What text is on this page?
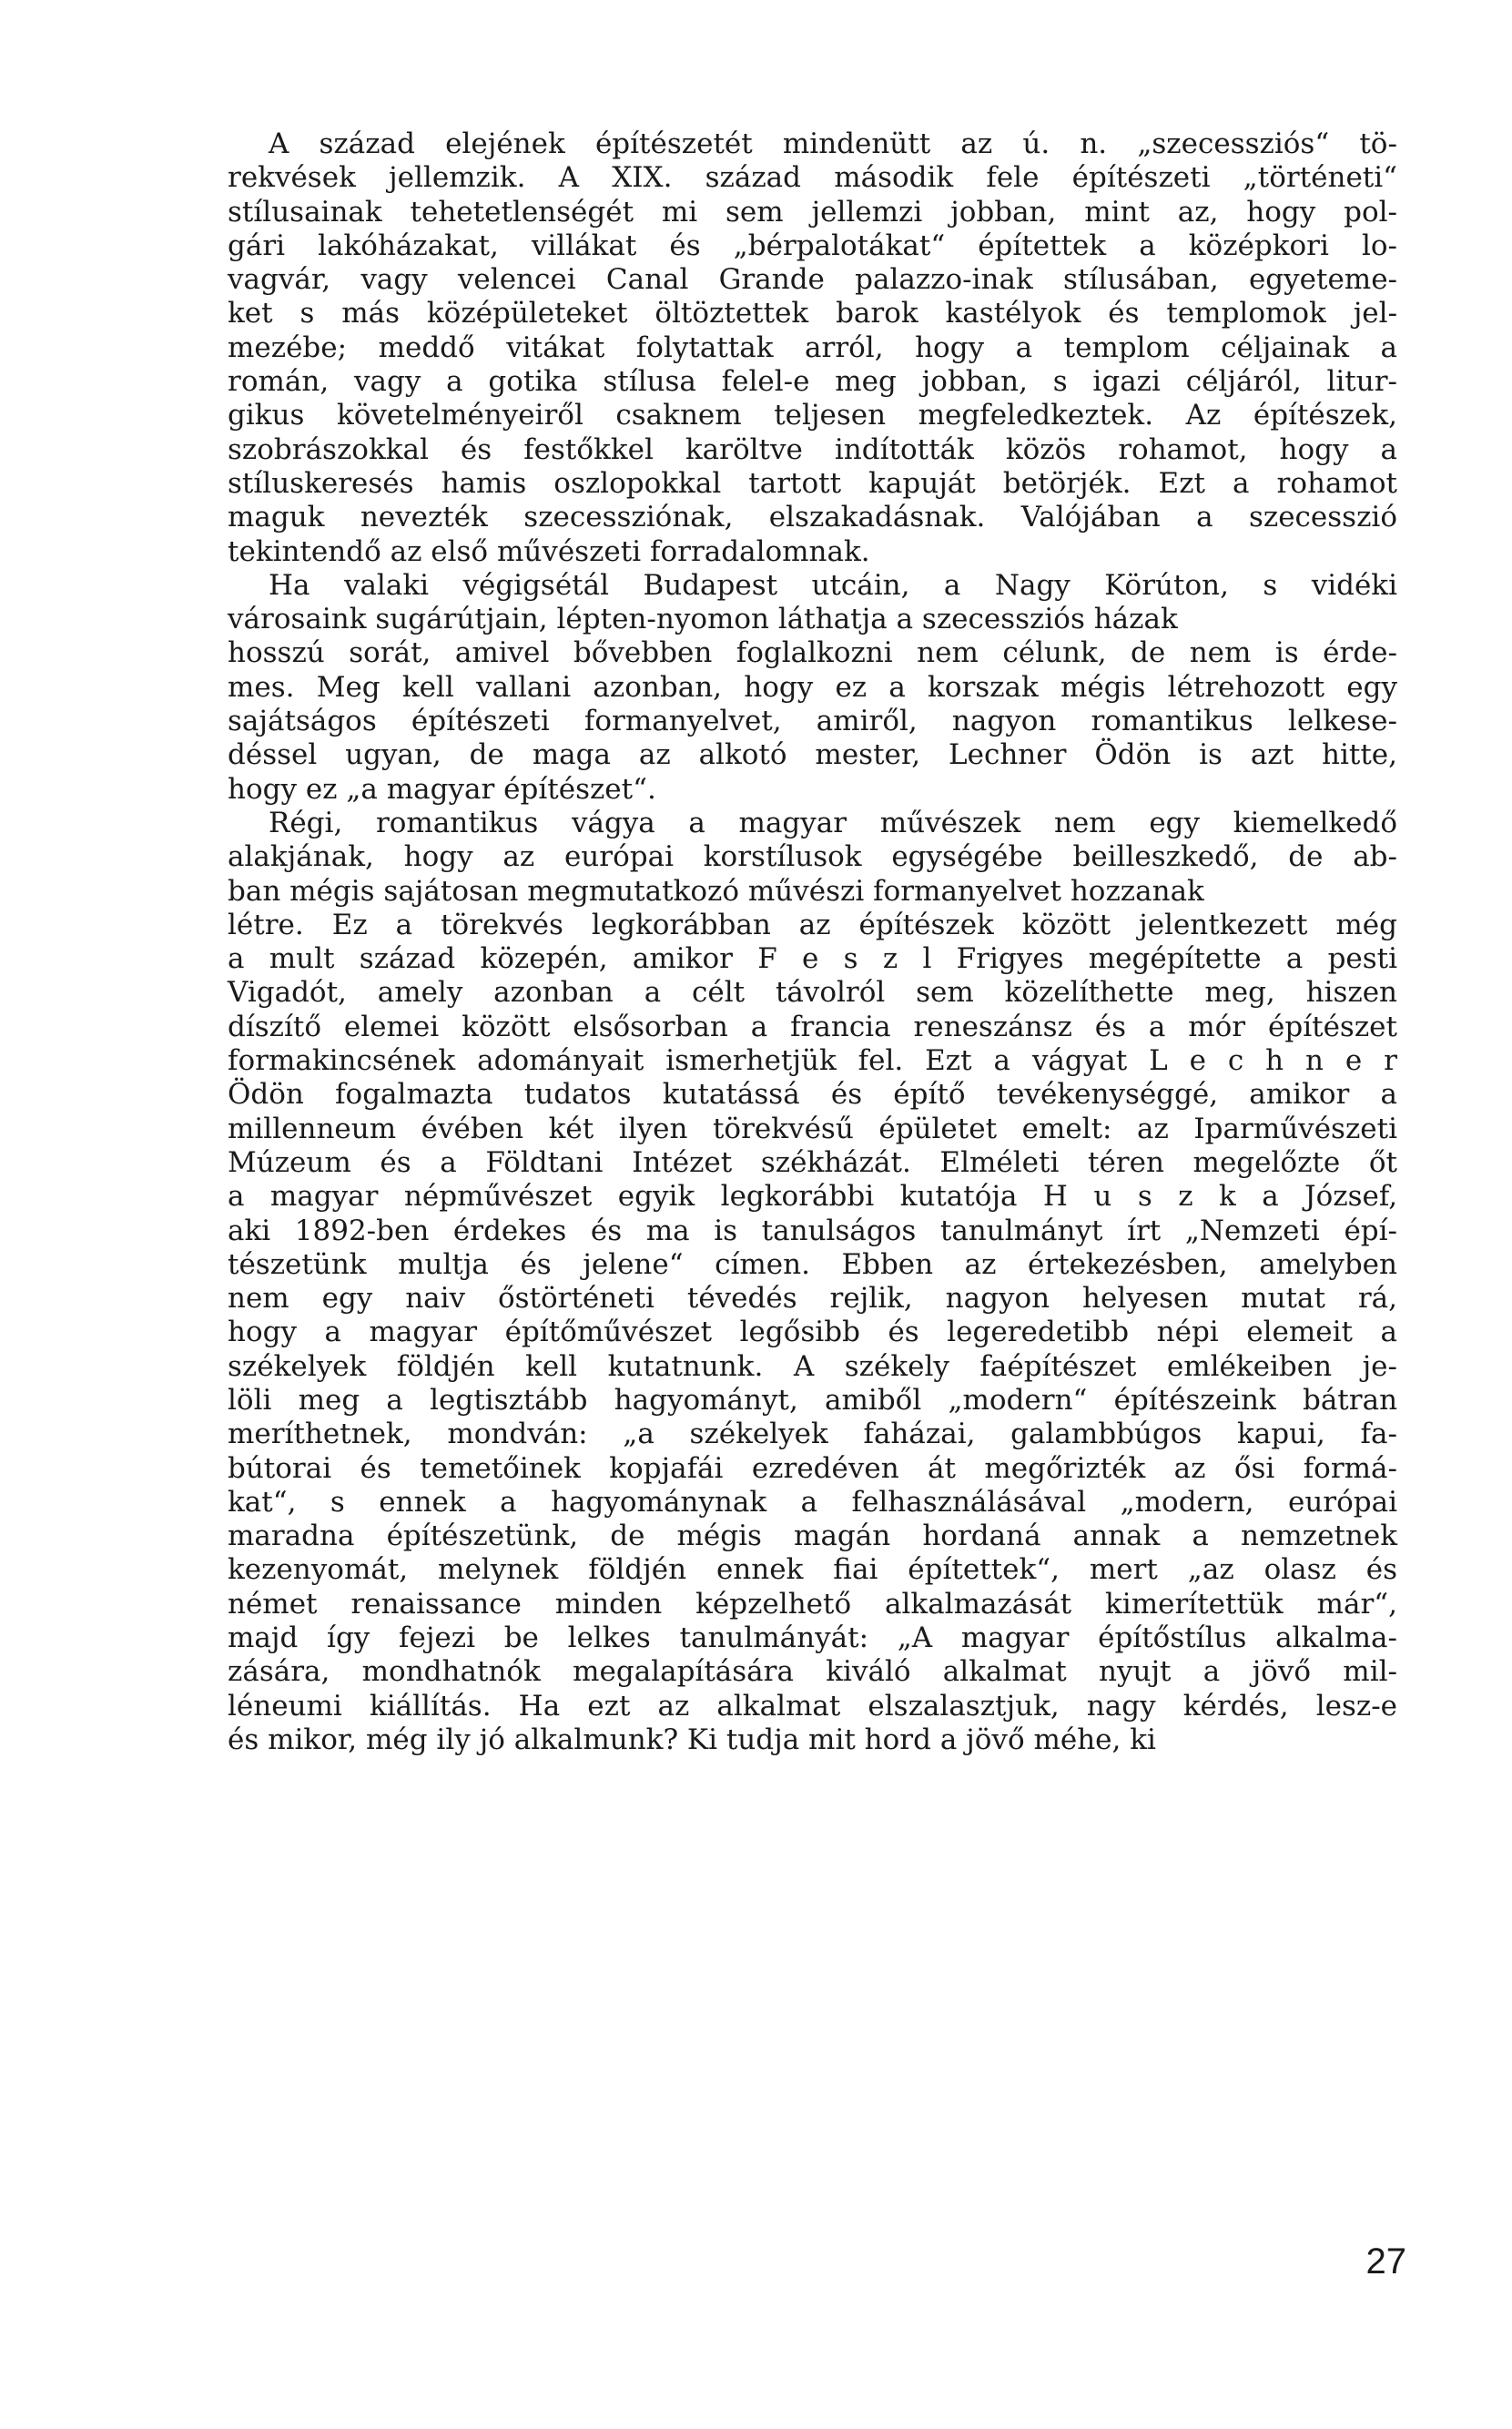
A század elejének építészetét mindenütt az ú. n. „szecessziós“ tö-
rekvések jellemzik. A XIX. század második fele építészeti „történeti“
stílusainak tehetetlenségét mi sem jellemzi jobban, mint az, hogy pol-
gári lakóházakat, villákat és „bérpalotákat“ építettek a középkori lo-
vagvár, vagy velencei Canal Grande palazzo-inak stílusában, egyeteme-
ket s más középületeket öltöztettek barok kastélyok és templomok jel-
mezébe; meddő vitákat folytattak arról, hogy a templom céljainak a
román, vagy a gotika stílusa felel-e meg jobban, s igazi céljáról, litur-
gikus követelményeiről csaknem teljesen megfeledkeztek. Az építészek,
szobrászokkal és festőkkel karöltve indították közös rohamot, hogy a
stíluskeresés hamis oszlopokkal tartott kapuját betörjék. Ezt a rohamot
maguk nevezték szecessziónak, elszakadásnak. Valójában a szecesszió
tekintendő az első művészeti forradalomnak.
Ha valaki végigsétál Budapest utcáin, a Nagy Körúton, s vidéki
városaink sugárútjain, lépten-nyomon láthatja a szecessziós házak
hosszú sorát, amivel bővebben foglalkozni nem célunk, de nem is érde-
mes. Meg kell vallani azonban, hogy ez a korszak mégis létrehozott egy
sajátságos építészeti formanyelvet, amiről, nagyon romantikus lelkese-
déssel ugyan, de maga az alkotó mester, Lechner Ödön is azt hitte,
hogy ez „a magyar építészet“.
Régi, romantikus vágya a magyar művészek nem egy kiemelkedő
alakjának, hogy az európai korstílusok egységébe beilleszkedő, de ab-
ban mégis sajátosan megmutatkozó művészi formanyelvet hozzanak
létre. Ez a törekvés legkorábban az építészek között jelentkezett még
a mult század közepén, amikor F e s z l Frigyes megépítette a pesti
Vigadót, amely azonban a célt távolról sem közelíthette meg, hiszen
díszítő elemei között elsősorban a francia reneszánsz és a mór építészet
formakincsének adományait ismerhetjük fel. Ezt a vágyat L e c h n e r
Ödön fogalmazta tudatos kutatássá és építő tevékenységgé, amikor a
millenneum évében két ilyen törekvésű épületet emelt: az Iparművészeti
Múzeum és a Földtani Intézet székházát. Elméleti téren megelőzte őt
a magyar népművészet egyik legkorábbi kutatója H u s z k a József,
aki 1892-ben érdekes és ma is tanulságos tanulmányt írt „Nemzeti épí-
tészetünk multja és jelene“ címen. Ebben az értekezésben, amelyben
nem egy naiv őstörténeti tévedés rejlik, nagyon helyesen mutat rá,
hogy a magyar építőművészet legősibb és legeredetibb népi elemeit a
székelyek földjén kell kutatnunk. A székely faépítészet emlékeiben je-
löli meg a legtisztább hagyományt, amiből „modern“ építészeink bátran
meríthetnek, mondván: „a székelyek faházai, galambbúgos kapui, fa-
bútorai és temetőinek kopjafái ezredéven át megőrizték az ősi formá-
kat“, s ennek a hagyománynak a felhasználásával „modern, európai
maradna építészetünk, de mégis magán hordaná annak a nemzetnek
kezenyomát, melynek földjén ennek fiai építettek“, mert „az olasz és
német renaissance minden képzelhető alkalmazását kimerítettük már“,
majd így fejezi be lelkes tanulmányát: „A magyar építőstílus alkalma-
zására, mondhatnók megalapítására kiváló alkalmat nyujt a jövő mil-
léneumi kiállítás. Ha ezt az alkalmat elszalasztjuk, nagy kérdés, lesz-e
és mikor, még ily jó alkalmunk? Ki tudja mit hord a jövő méhe, ki
27
